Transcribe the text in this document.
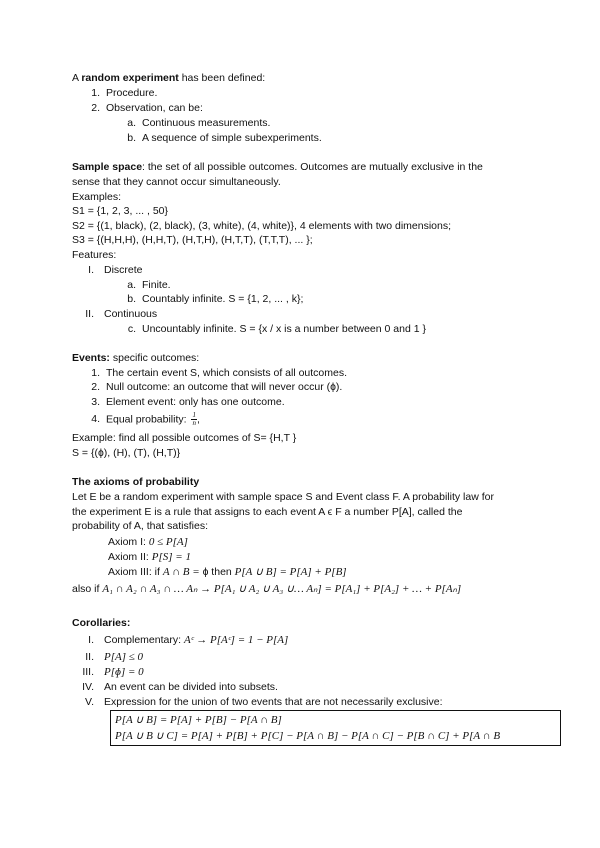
A random experiment has been defined:
1. Procedure.
2. Observation, can be:
a. Continuous measurements.
b. A sequence of simple subexperiments.
Sample space: the set of all possible outcomes. Outcomes are mutually exclusive in the
sense that they cannot occur simultaneously.
Examples:
S1 = {1, 2, 3, ... , 50}
S2 = {(1, black), (2, black), (3, white), (4, white)}, 4 elements with two dimensions;
S3 = {(H,H,H), (H,H,T), (H,T,H), (H,T,T), (T,T,T), ... };
Features:
I. Discrete
a. Finite.
b. Countably infinite. S = {1, 2, ... , k};
II. Continuous
c. Uncountably infinite. S = {x / x is a number between 0 and 1 }
Events: specific outcomes:
1. The certain event S, which consists of all outcomes.
2. Null outcome: an outcome that will never occur (ɸ).
3. Element event: only has one outcome.
4. Equal probability: $\frac{1}{n}$ ,
Example: find all possible outcomes of S= {H,T }
S = {(ɸ), (H), (T), (H,T)}
The axioms of probability
Let E be a random experiment with sample space S and Event class F. A probability law for
the experiment E is a rule that assigns to each event A ϵ F a number P[A], called the
probability of A, that satisfies:
Axiom I: 0 ≤ P[A]
Axiom II: P[S] = 1
Axiom III: if A ∩ B = ɸ then P[A ∪ B] = P[A] + P[B]
also if A₁ ∩ A₂ ∩ A₃ ∩ … Aₙ → P[A₁ ∪ A₂ ∪ A₃ ∪… Aₙ] = P[A₁] + P[A₂] + … + P[Aₙ]
Corollaries:
I. Complementary: Aᶜ → P[Aᶜ] = 1 − P[A]
II. P[A] ≤ 0
III. P[ɸ] = 0
IV. An event can be divided into subsets.
V. Expression for the union of two events that are not necessarily exclusive:
P[A ∪ B] = P[A] + P[B] − P[A ∩ B]
P[A ∪ B ∪ C] = P[A] + P[B] + P[C] − P[A ∩ B] − P[A ∩ C] − P[B ∩ C] + P[A ∩ B
